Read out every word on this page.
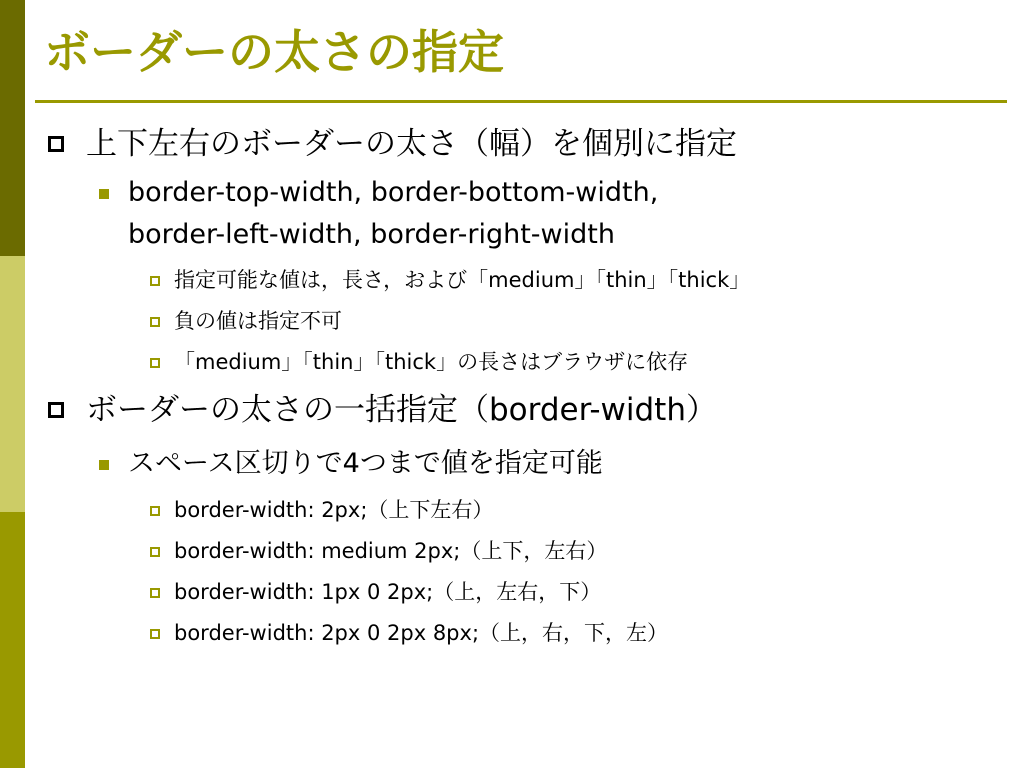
ボーダーの太さの指定
上下左右のボーダーの太さ（幅）を個別に指定
border-top-width, border-bottom-width,
border-left-width, border-right-width
指定可能な値は，長さ，および「medium」「thin」「thick」
負の値は指定不可
「medium」「thin」「thick」の長さはブラウザに依存
ボーダーの太さの一括指定（border-width）
スペース区切りで4つまで値を指定可能
border-width: 2px;（上下左右）
border-width: medium 2px;（上下，左右）
border-width: 1px 0 2px;（上，左右，下）
border-width: 2px 0 2px 8px;（上，右，下，左）
